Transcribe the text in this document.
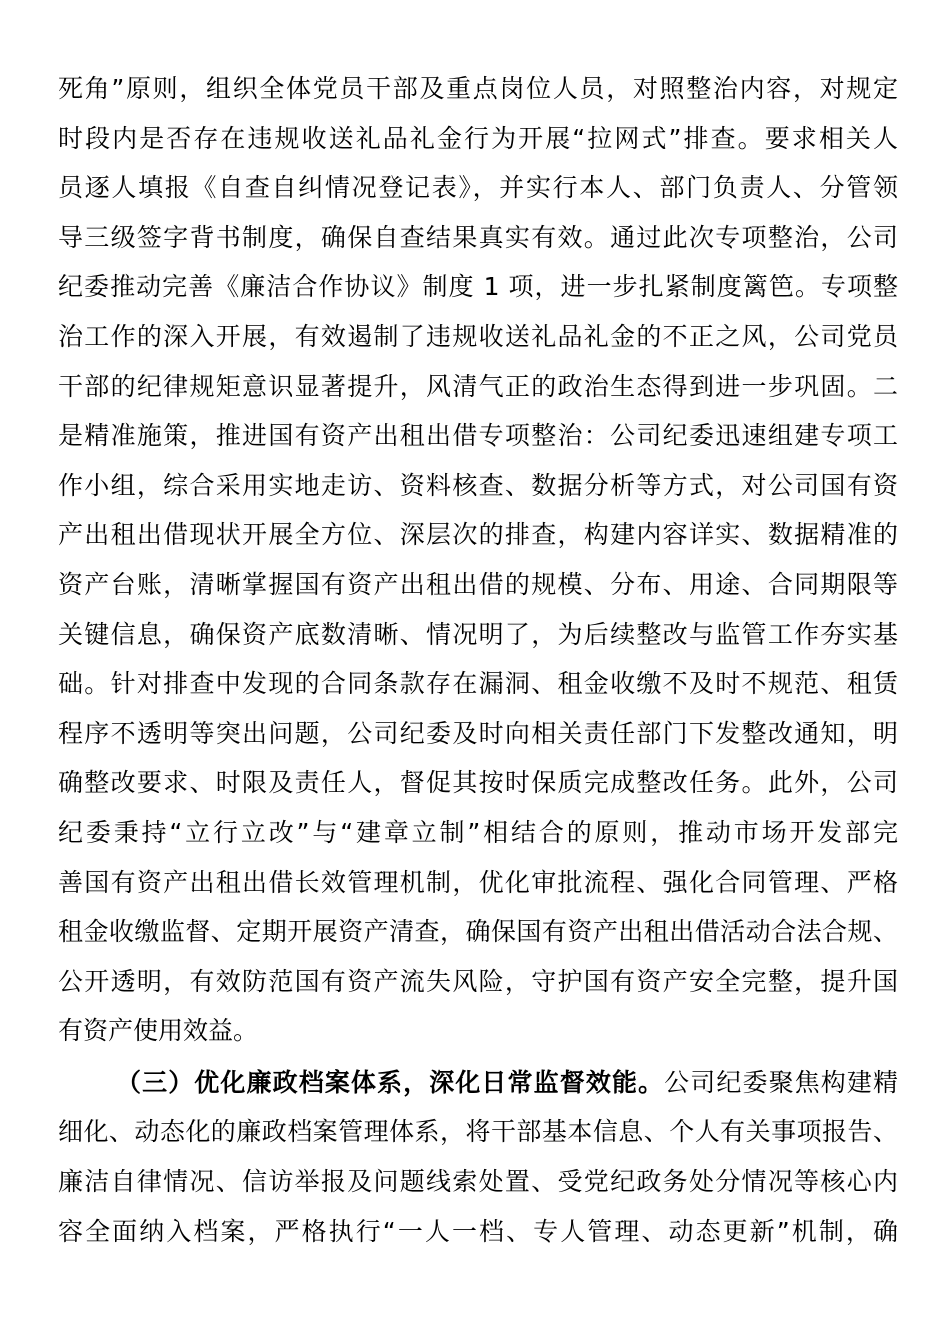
死角”原则，组织全体党员干部及重点岗位人员，对照整治内容，对规定
时段内是否存在违规收送礼品礼金行为开展“拉网式”排查。要求相关人
员逐人填报《自查自纠情况登记表》，并实行本人、部门负责人、分管领
导三级签字背书制度，确保自查结果真实有效。通过此次专项整治，公司
纪委推动完善《廉洁合作协议》制度 1 项，进一步扎紧制度篱笆。专项整
治工作的深入开展，有效遏制了违规收送礼品礼金的不正之风，公司党员
干部的纪律规矩意识显著提升，风清气正的政治生态得到进一步巩固。二
是精准施策，推进国有资产出租出借专项整治：公司纪委迅速组建专项工
作小组，综合采用实地走访、资料核查、数据分析等方式，对公司国有资
产出租出借现状开展全方位、深层次的排查，构建内容详实、数据精准的
资产台账，清晰掌握国有资产出租出借的规模、分布、用途、合同期限等
关键信息，确保资产底数清晰、情况明了，为后续整改与监管工作夯实基
础。针对排查中发现的合同条款存在漏洞、租金收缴不及时不规范、租赁
程序不透明等突出问题，公司纪委及时向相关责任部门下发整改通知，明
确整改要求、时限及责任人，督促其按时保质完成整改任务。此外，公司
纪委秉持“立行立改”与“建章立制”相结合的原则，推动市场开发部完
善国有资产出租出借长效管理机制，优化审批流程、强化合同管理、严格
租金收缴监督、定期开展资产清查，确保国有资产出租出借活动合法合规、
公开透明，有效防范国有资产流失风险，守护国有资产安全完整，提升国
有资产使用效益。
（三）优化廉政档案体系，深化日常监督效能。公司纪委聚焦构建精
细化、动态化的廉政档案管理体系，将干部基本信息、个人有关事项报告、
廉洁自律情况、信访举报及问题线索处置、受党纪政务处分情况等核心内
容全面纳入档案，严格执行“一人一档、专人管理、动态更新”机制，确
